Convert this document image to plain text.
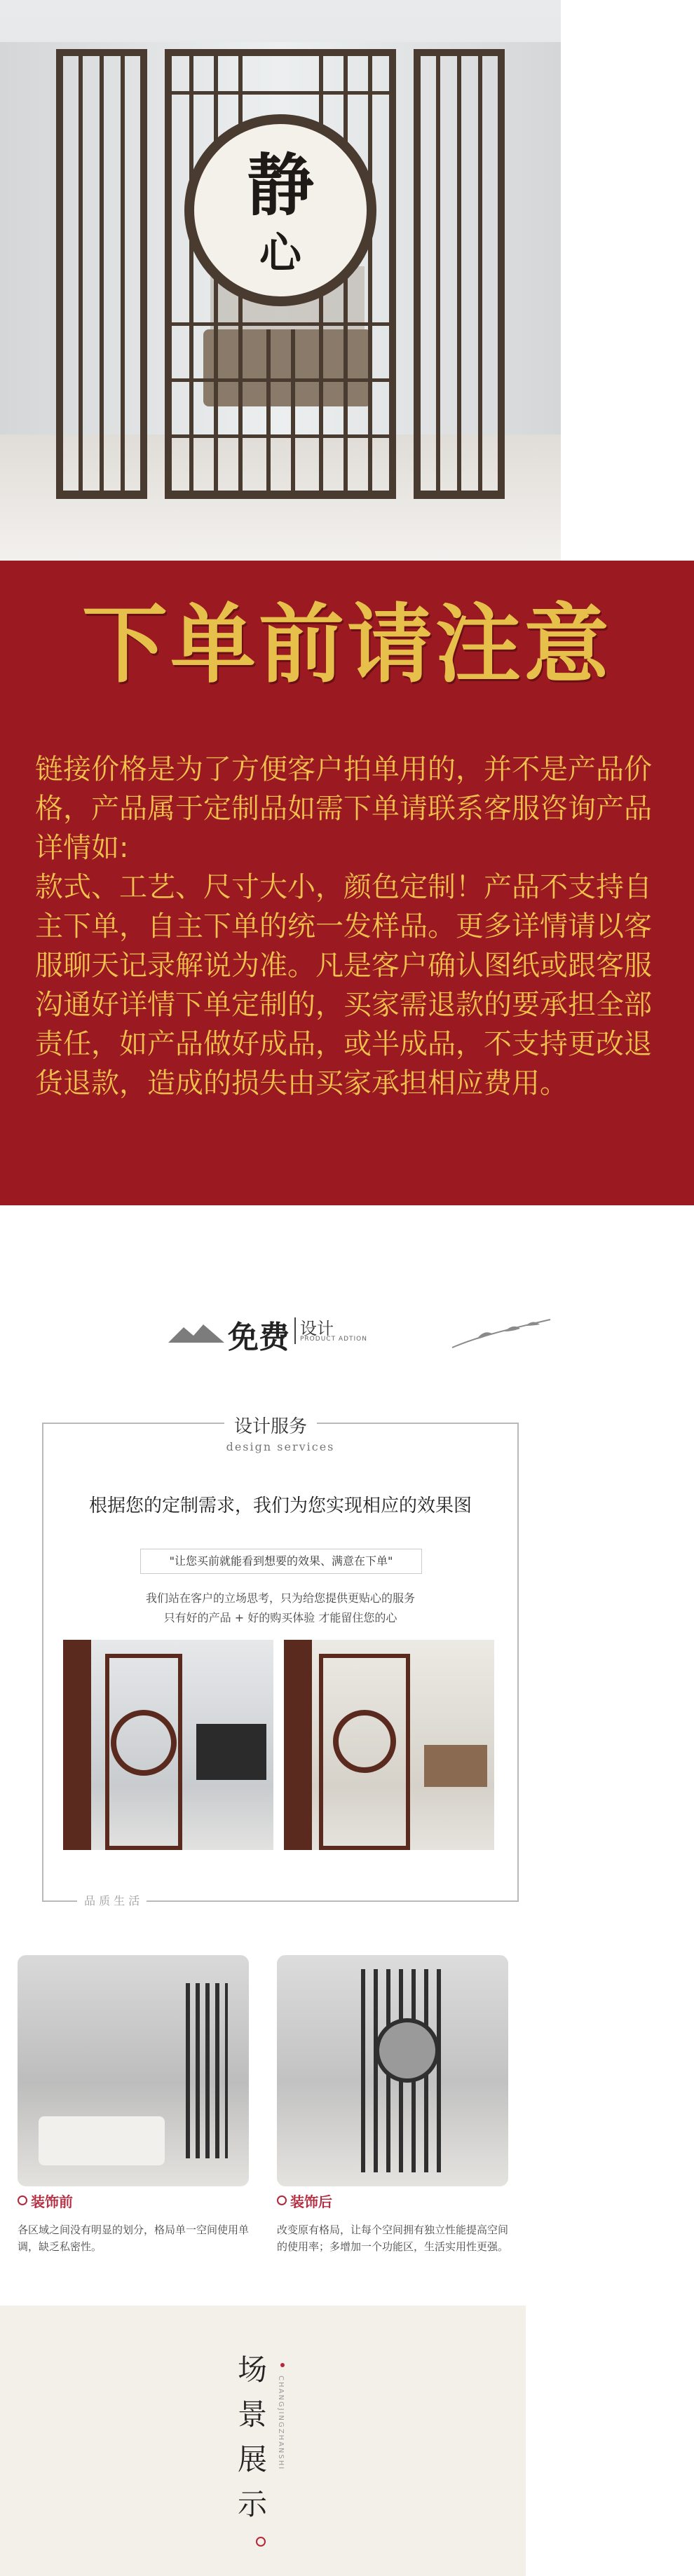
静
心
下单前请注意
链接价格是为了方便客户拍单用的，并不是产品价格，产品属于定制品如需下单请联系客服咨询产品详情如:
款式、工艺、尺寸大小，颜色定制！产品不支持自主下单，自主下单的统一发样品。更多详情请以客服聊天记录解说为准。凡是客户确认图纸或跟客服沟通好详情下单定制的，买家需退款的要承担全部责任，如产品做好成品，或半成品，不支持更改退货退款，造成的损失由买家承担相应费用。
免费 设计
PRODUCT ADTION
设计服务
design services
根据您的定制需求，我们为您实现相应的效果图
"让您买前就能看到想要的效果、满意在下单"
我们站在客户的立场思考，只为给您提供更贴心的服务
只有好的产品 + 好的购买体验 才能留住您的心
品 质 生 活
装饰前
各区域之间没有明显的划分，格局单一空间使用单调，缺乏私密性。
装饰后
改变原有格局，让每个空间拥有独立性能提高空间的使用率；多增加一个功能区，生活实用性更强。
场
景
展
示
CHANGJINGZHANSHI
